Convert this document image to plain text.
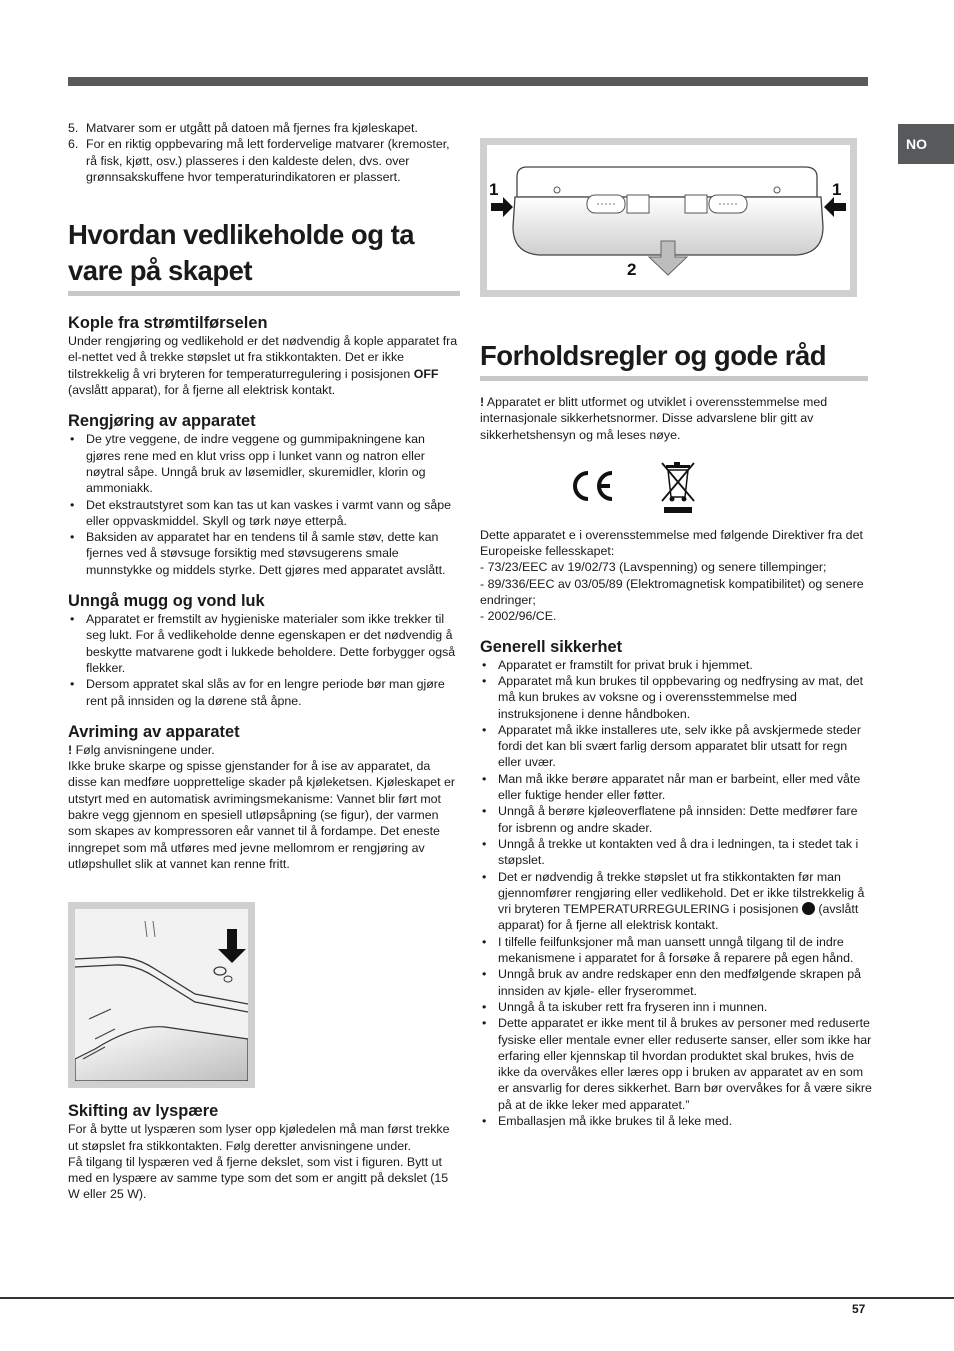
NO
5. Matvarer som er utgått på datoen må fjernes fra kjøleskapet.
6. For en riktig oppbevaring må lett fordervelige matvarer (kremoster, rå fisk, kjøtt, osv.) plasseres i den kaldeste delen, dvs. over grønnsakskuffene hvor temperaturindikatoren er plassert.
Hvordan vedlikeholde og ta vare på skapet
Kople fra strømtilførselen

Under rengjøring og vedlikehold er det nødvendig å kople apparatet fra el-nettet ved å trekke støpslet ut fra stikkontakten. Det er ikke tilstrekkelig å vri bryteren for temperaturregulering i posisjonen OFF (avslått apparat), for å fjerne all elektrisk kontakt.

Rengjøring av apparatet
• De ytre veggene, de indre veggene og gummipakningene kan gjøres rene med en klut vriss opp i lunket vann og natron eller nøytral såpe. Unngå bruk av løsemidler, skuremidler, klorin og ammoniakk.
• Det ekstrautstyret som kan tas ut kan vaskes i varmt vann og såpe eller oppvaskmiddel. Skyll og tørk nøye etterpå.
• Baksiden av apparatet har en tendens til å samle støv, dette kan fjernes ved å støvsuge forsiktig med støvsugerens smale munnstykke og middels styrke. Dett gjøres med apparatet avslått.
Unngå mugg og vond luk
• Apparatet er fremstilt av hygieniske materialer som ikke trekker til seg lukt. For å vedlikeholde denne egenskapen er det nødvendig å beskytte matvarene godt i lukkede beholdere. Dette forbygger også flekker.
• Dersom appratet skal slås av for en lengre periode bør man gjøre rent på innsiden og la dørene stå åpne.
Avriming av apparatet

! Følg anvisningene under.

Ikke bruke skarpe og spisse gjenstander for å ise av apparatet, da disse kan medføre uopprettelige skader på kjøleketsen. Kjøleskapet er utstyrt med en automatisk avrimingsmekanisme: Vannet blir ført mot bakre vegg gjennom en spesiell utløpsåpning (se figur), der varmen som skapes av kompressoren eår vannet til å fordampe. Det eneste inngrepet som må utføres med jevne mellomrom er rengjøring av utløpshullet slik at vannet kan renne fritt.

Skifting av lyspære

For å bytte ut lyspæren som lyser opp kjøledelen må man først trekke ut støpslet fra stikkontakten. Følg deretter anvisningene under.

Få tilgang til lyspæren ved å fjerne dekslet, som vist i figuren. Bytt ut med en lyspære av samme type som det som er angitt på dekslet (15 W eller 25 W).

1	1
2
Forholdsregler og gode råd

! Apparatet er blitt utformet og utviklet i overensstemmelse med internasjonale sikkerhetsnormer. Disse advarslene blir gitt av sikkerhetshensyn og må leses nøye.

Dette apparatet e i overensstemmelse med følgende Direktiver fra det Europeiske fellesskapet:

- 73/23/EEC av 19/02/73 (Lavspenning) og senere tillempinger;

- 89/336/EEC av 03/05/89 (Elektromagnetisk kompatibilitet) og senere endringer;

- 2002/96/CE.

Generell sikkerhet
• Apparatet er framstilt for privat bruk i hjemmet.
• Apparatet må kun brukes til oppbevaring og nedfrysing av mat, det må kun brukes av voksne og i overensstemmelse med instruksjonene i denne håndboken.
• Apparatet må ikke installeres ute, selv ikke på avskjermede steder fordi det kan bli svært farlig dersom apparatet blir utsatt for regn eller uvær.
• Man må ikke berøre apparatet når man er barbeint, eller med våte eller fuktige hender eller føtter.
• Unngå å berøre kjøleoverflatene på innsiden: Dette medfører fare for isbrenn og andre skader.
• Unngå å trekke ut kontakten ved å dra i ledningen, ta i stedet tak i støpslet.
• Det er nødvendig å trekke støpslet ut fra stikkontakten før man gjennomfører rengjøring eller vedlikehold. Det er ikke tilstrekkelig å vri bryteren TEMPERATURREGULERING i posisjonen  (avslått apparat) for å fjerne all elektrisk kontakt.
• I tilfelle feilfunksjoner må man uansett unngå tilgang til de indre mekanismene i apparatet for å forsøke å reparere på egen hånd.
• Unngå bruk av andre redskaper enn den medfølgende skrapen på innsiden av kjøle- eller fryserommet.
• Unngå å ta iskuber rett fra fryseren inn i munnen.
• Dette apparatet er ikke ment til å brukes av personer med reduserte fysiske eller mentale evner eller reduserte sanser, eller som ikke har erfaring eller kjennskap til hvordan produktet skal brukes, hvis de ikke da overvåkes eller læres opp i bruken av apparatet av en som er ansvarlig for deres sikkerhet. Barn bør overvåkes for å være sikre på at de ikke leker med apparatet.”
• Emballasjen må ikke brukes til å leke med.
57
